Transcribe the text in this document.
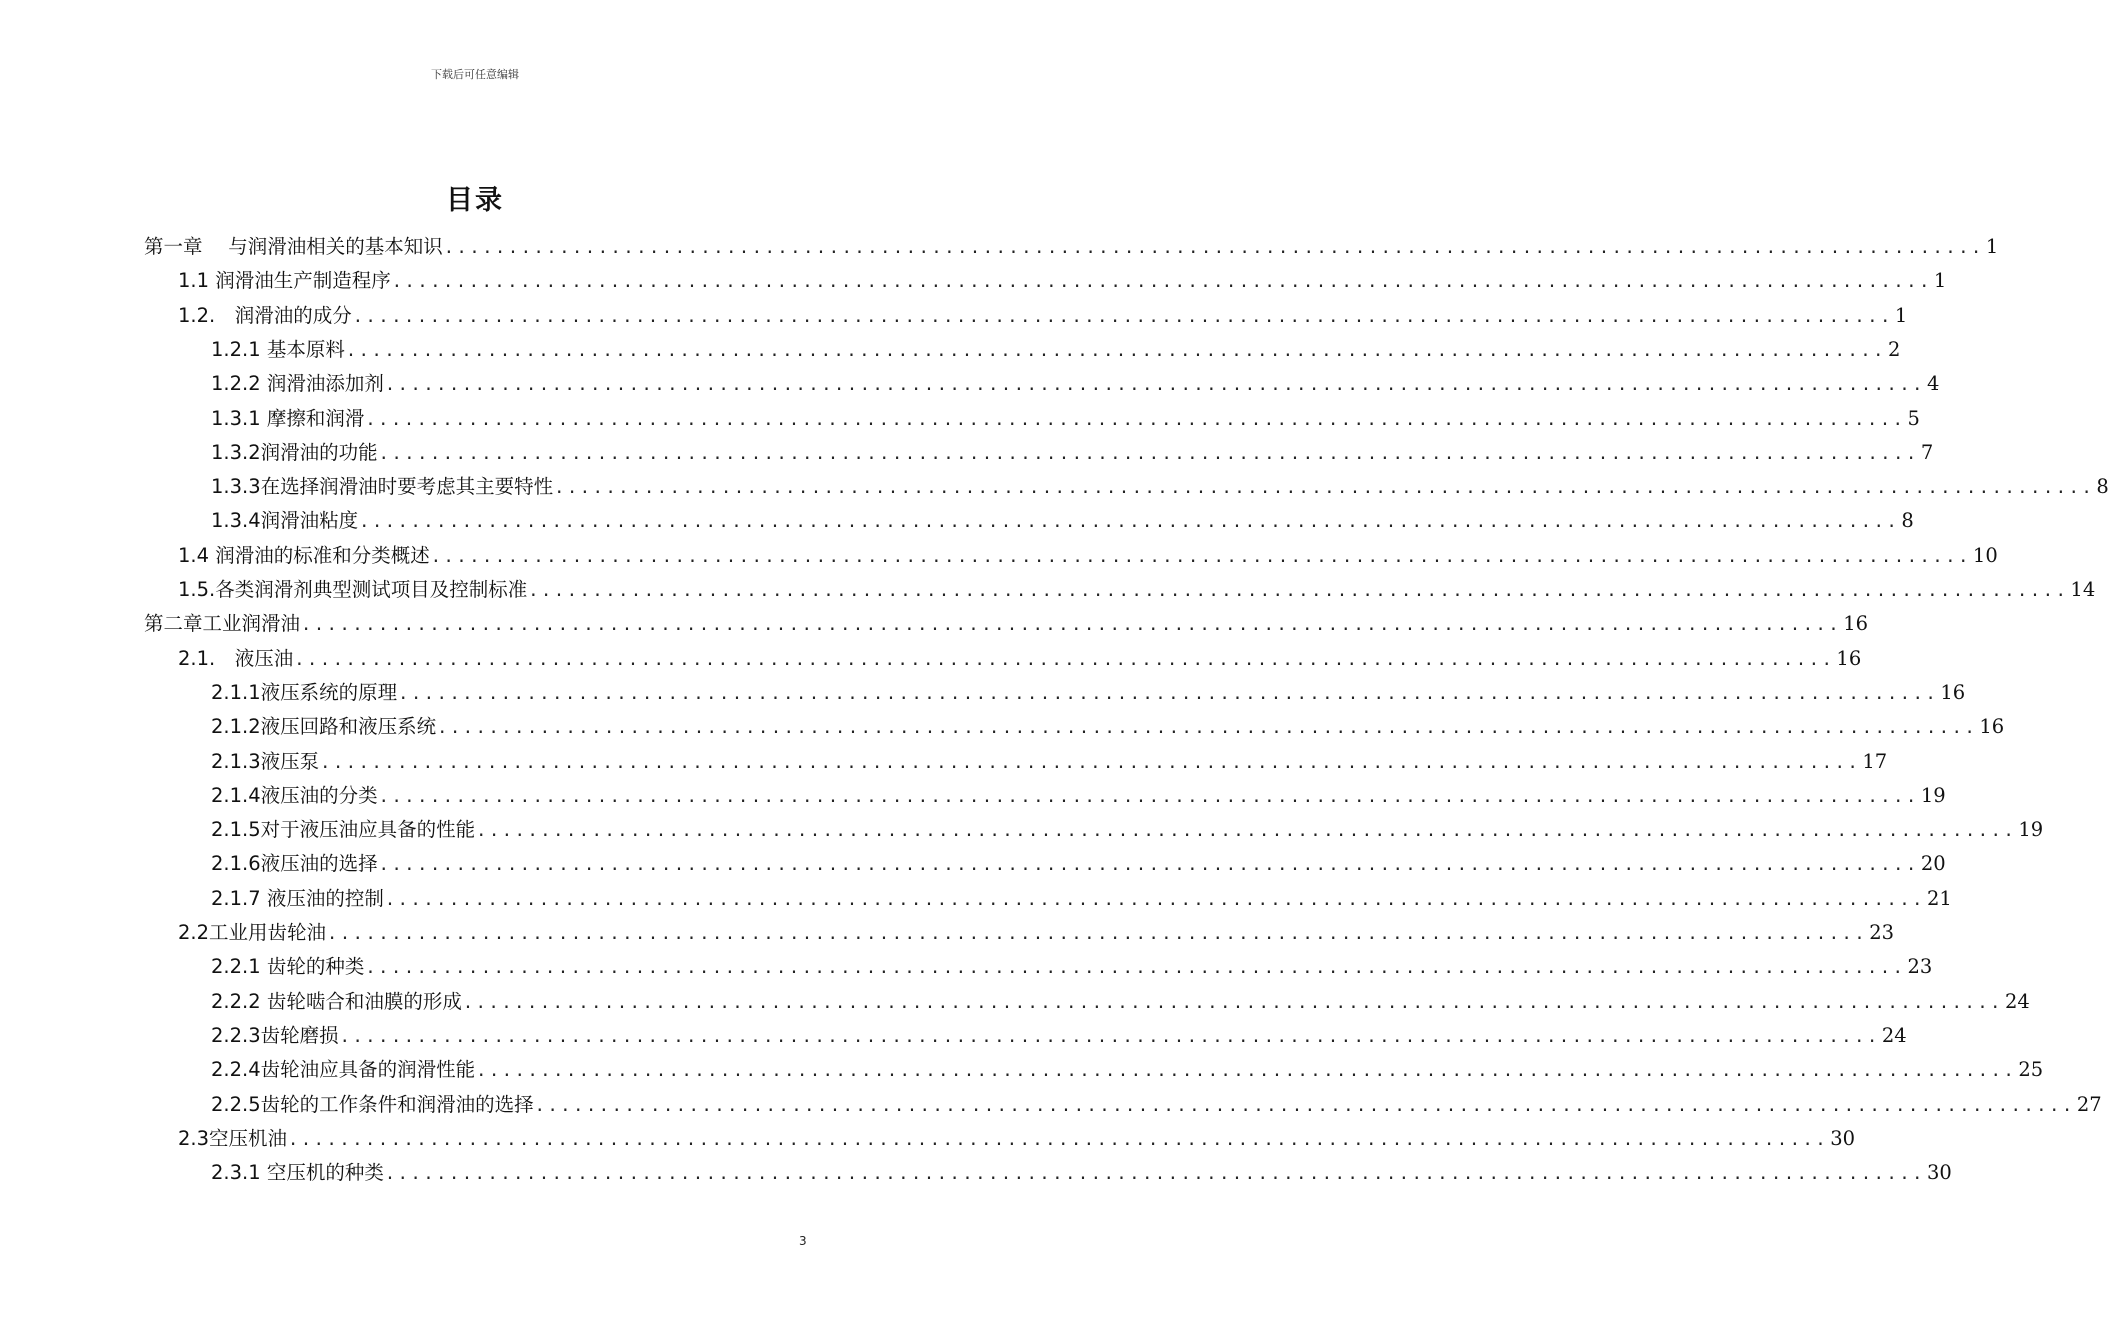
下载后可任意编辑
目录
第一章　 与润滑油相关的基本知识 ........................................................................................................................ 1
1.1 润滑油生产制造程序 ........................................................................................................................ 1
1.2.　润滑油的成分 ........................................................................................................................ 1
1.2.1 基本原料 ........................................................................................................................ 2
1.2.2 润滑油添加剂 ........................................................................................................................ 4
1.3.1 摩擦和润滑 ........................................................................................................................ 5
1.3.2润滑油的功能 ........................................................................................................................ 7
1.3.3在选择润滑油时要考虑其主要特性 ........................................................................................................................ 8
1.3.4润滑油粘度 ........................................................................................................................ 8
1.4 润滑油的标准和分类概述 ........................................................................................................................ 10
1.5.各类润滑剂典型测试项目及控制标准 ........................................................................................................................ 14
第二章工业润滑油 ........................................................................................................................ 16
2.1.　液压油 ........................................................................................................................ 16
2.1.1液压系统的原理 ........................................................................................................................ 16
2.1.2液压回路和液压系统 ........................................................................................................................ 16
2.1.3液压泵 ........................................................................................................................ 17
2.1.4液压油的分类 ........................................................................................................................ 19
2.1.5对于液压油应具备的性能 ........................................................................................................................ 19
2.1.6液压油的选择 ........................................................................................................................ 20
2.1.7 液压油的控制 ........................................................................................................................ 21
2.2工业用齿轮油 ........................................................................................................................ 23
2.2.1 齿轮的种类 ........................................................................................................................ 23
2.2.2 齿轮啮合和油膜的形成 ........................................................................................................................ 24
2.2.3齿轮磨损 ........................................................................................................................ 24
2.2.4齿轮油应具备的润滑性能 ........................................................................................................................ 25
2.2.5齿轮的工作条件和润滑油的选择 ........................................................................................................................ 27
2.3空压机油 ........................................................................................................................ 30
2.3.1 空压机的种类 ........................................................................................................................ 30
3
